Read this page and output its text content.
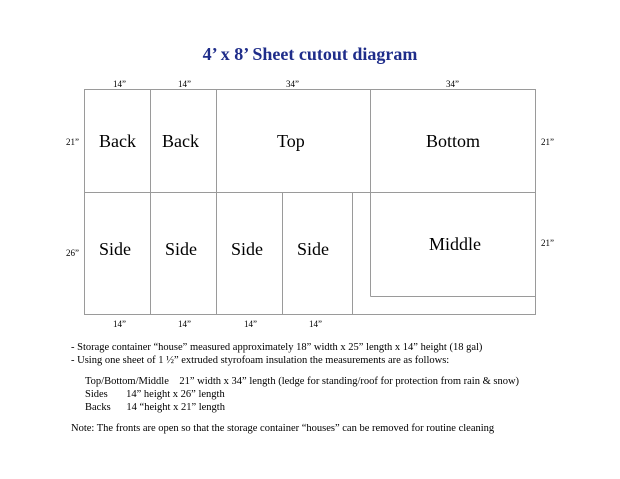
4’ x 8’ Sheet cutout diagram
14”	14”	34”	34”
21”
26”
21”
21”
Back Back	Top	Bottom
Side Side Side Side	Middle
14”	14”	14”	14”
- Storage container “house” measured approximately 18” width x 25” length x 14” height (18 gal)
- Using one sheet of 1 ½” extruded styrofoam insulation the measurements are as follows:
Top/Bottom/Middle    21” width x 34” length (ledge for standing/roof for protection from rain & snow)
Sides       14” height x 26” length
Backs      14 “height x 21” length
Note: The fronts are open so that the storage container “houses” can be removed for routine cleaning
